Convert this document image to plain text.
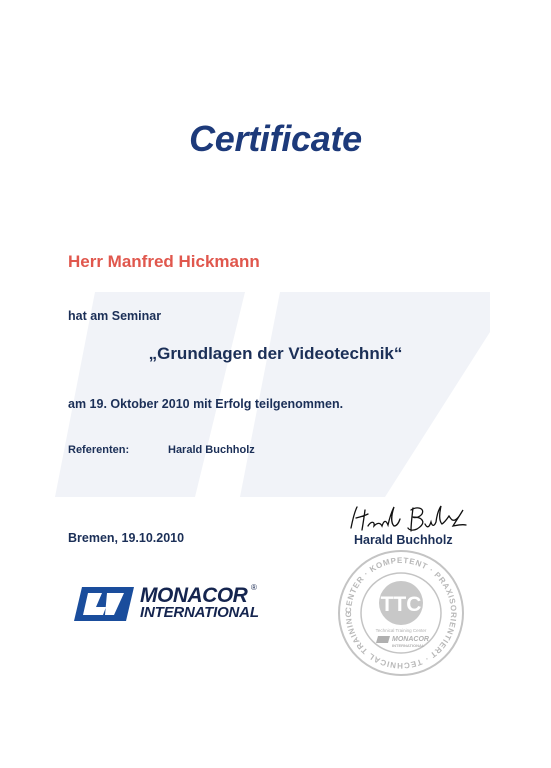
Certificate
Herr Manfred Hickmann
hat am Seminar
„Grundlagen der Videotechnik“
am 19. Oktober 2010 mit Erfolg teilgenommen.
Referenten:	Harald Buchholz
Bremen, 19.10.2010	Harald Buchholz
MONACOR ®
INTERNATIONAL	CENTER · KOMPETENT · PRAXISORIENTIERT · TECHNICAL TRAINING	TTC
Technical Training Center
MONACOR
INTERNATIONAL
